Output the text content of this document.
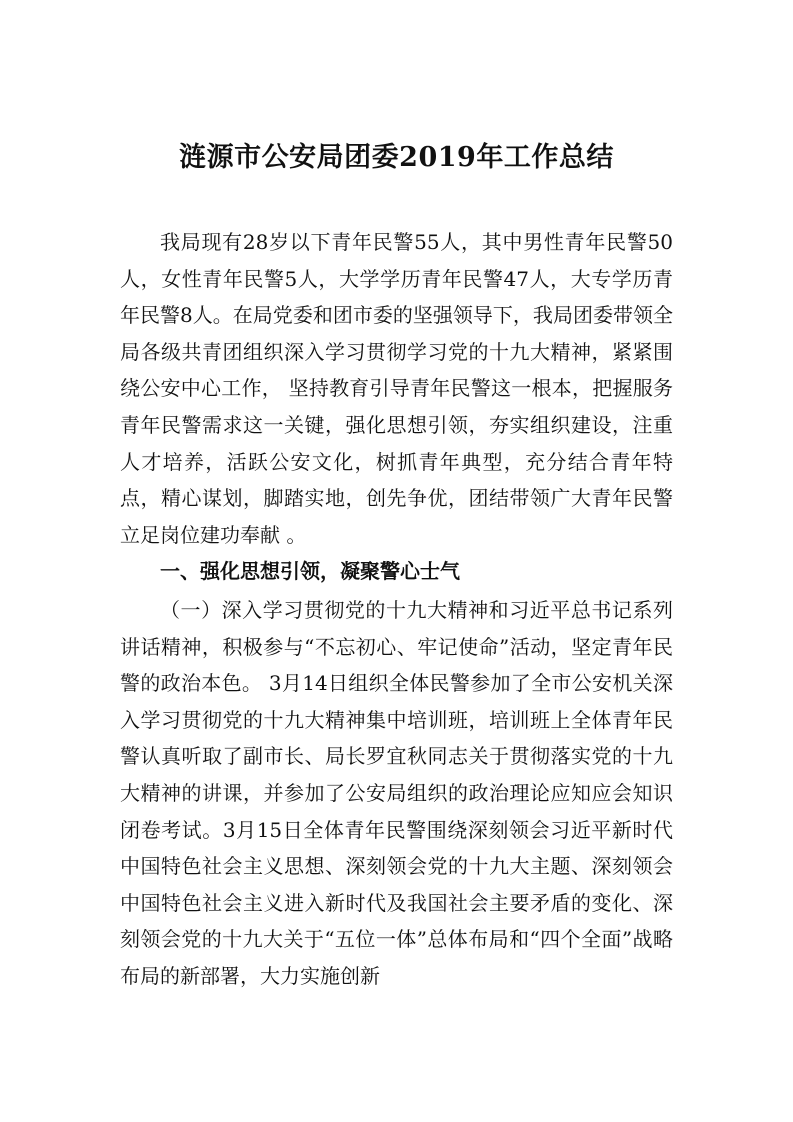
涟源市公安局团委2019年工作总结
我局现有28岁以下青年民警55人，其中男性青年民警50人，女性青年民警5人，大学学历青年民警47人，大专学历青年民警8人。在局党委和团市委的坚强领导下，我局团委带领全局各级共青团组织深入学习贯彻学习党的十九大精神，紧紧围绕公安中心工作， 坚持教育引导青年民警这一根本，把握服务青年民警需求这一关键，强化思想引领，夯实组织建设，注重人才培养，活跃公安文化，树抓青年典型，充分结合青年特点，精心谋划，脚踏实地，创先争优，团结带领广大青年民警立足岗位建功奉献 。
一、强化思想引领，凝聚警心士气
（一）深入学习贯彻党的十九大精神和习近平总书记系列讲话精神，积极参与“不忘初心、牢记使命”活动，坚定青年民警的政治本色。 3月14日组织全体民警参加了全市公安机关深入学习贯彻党的十九大精神集中培训班，培训班上全体青年民警认真听取了副市长、局长罗宜秋同志关于贯彻落实党的十九大精神的讲课，并参加了公安局组织的政治理论应知应会知识闭卷考试。3月15日全体青年民警围绕深刻领会习近平新时代中国特色社会主义思想、深刻领会党的十九大主题、深刻领会中国特色社会主义进入新时代及我国社会主要矛盾的变化、深刻领会党的十九大关于“五位一体”总体布局和“四个全面”战略布局的新部署，大力实施创新
